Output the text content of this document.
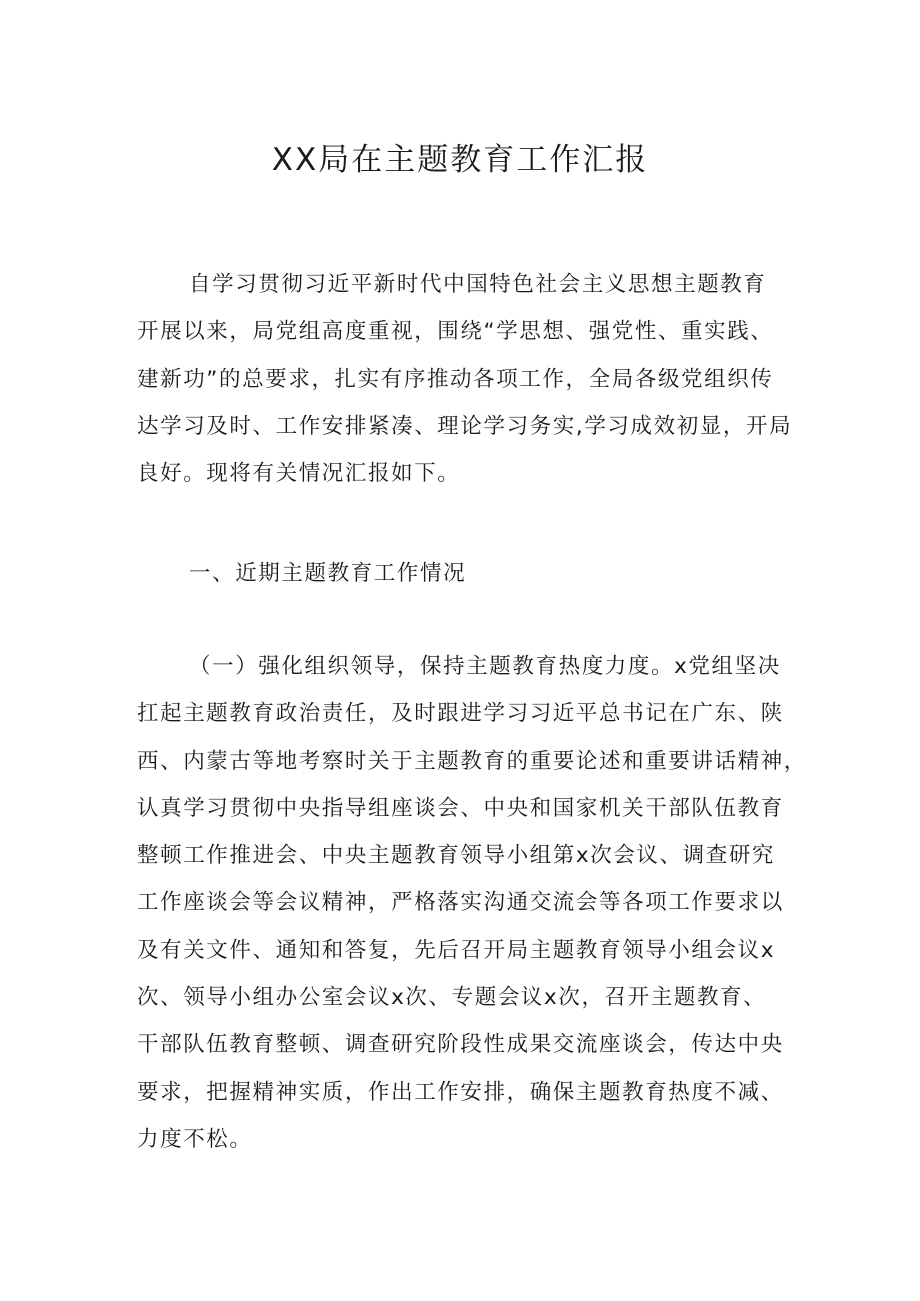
XX局在主题教育工作汇报
自学习贯彻习近平新时代中国特色社会主义思想主题教育
开展以来，局党组高度重视，围绕“学思想、强党性、重实践、
建新功”的总要求，扎实有序推动各项工作，全局各级党组织传
达学习及时、工作安排紧凑、理论学习务实,学习成效初显，开局
良好。现将有关情况汇报如下。
一、近期主题教育工作情况
（一）强化组织领导，保持主题教育热度力度。x党组坚决
扛起主题教育政治责任，及时跟进学习习近平总书记在广东、陕
西、内蒙古等地考察时关于主题教育的重要论述和重要讲话精神，
认真学习贯彻中央指导组座谈会、中央和国家机关干部队伍教育
整顿工作推进会、中央主题教育领导小组第x次会议、调查研究
工作座谈会等会议精神，严格落实沟通交流会等各项工作要求以
及有关文件、通知和答复，先后召开局主题教育领导小组会议x
次、领导小组办公室会议x次、专题会议x次，召开主题教育、
干部队伍教育整顿、调查研究阶段性成果交流座谈会，传达中央
要求，把握精神实质，作出工作安排，确保主题教育热度不减、
力度不松。
